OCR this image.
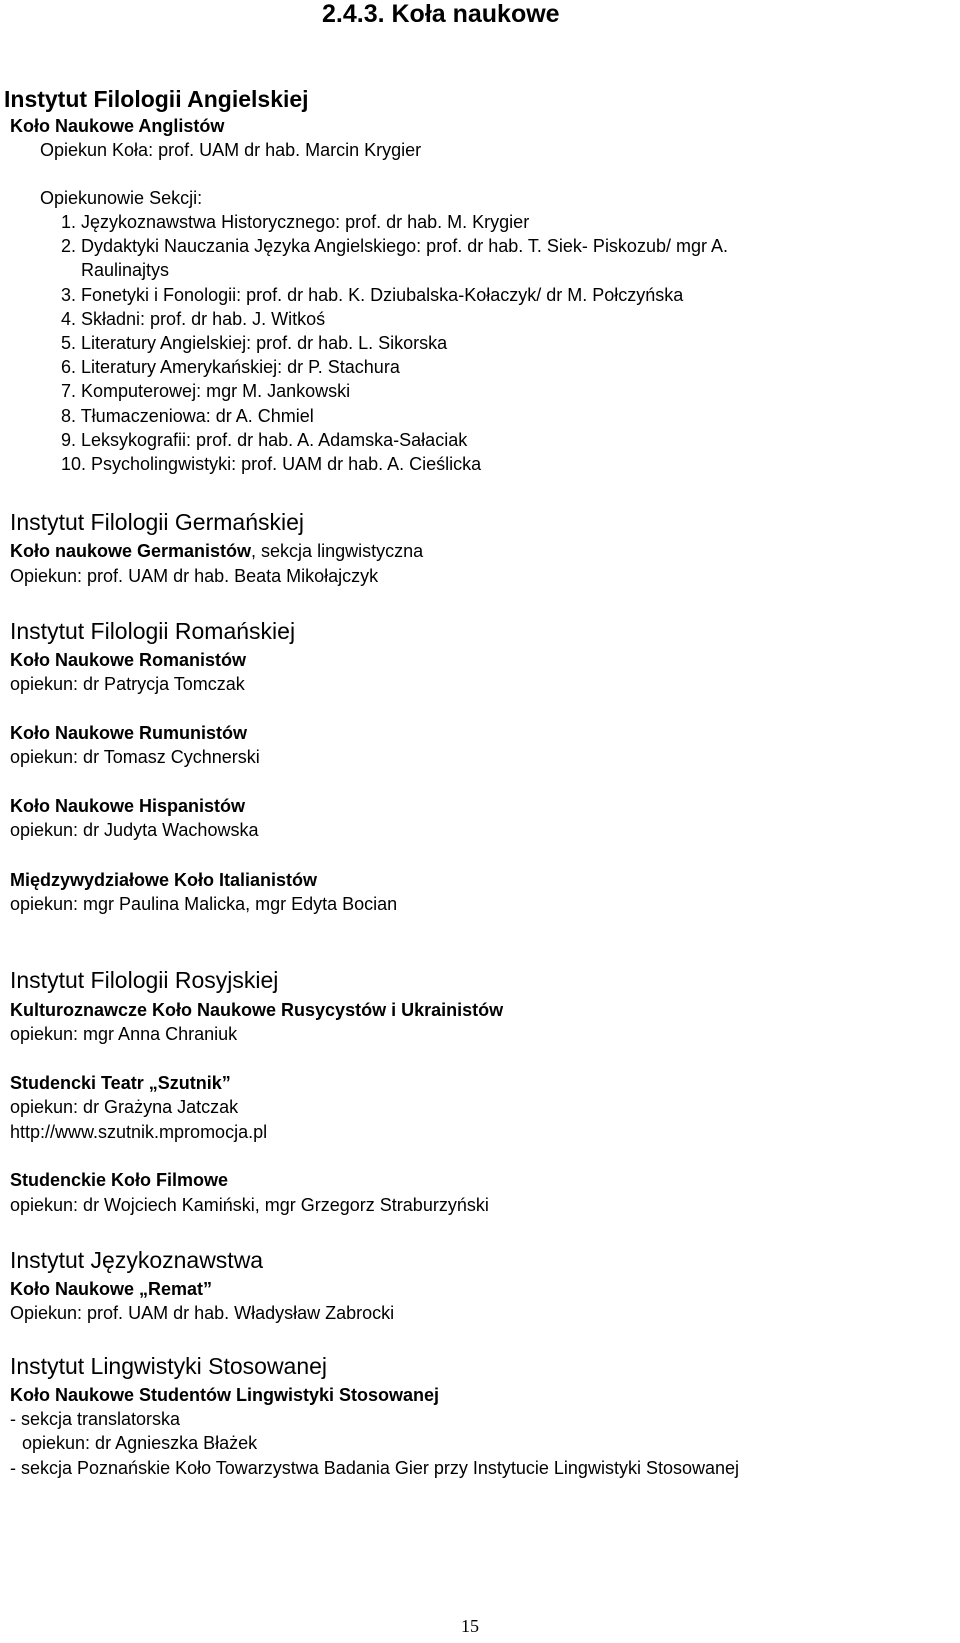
2.4.3. Koła naukowe
Instytut Filologii Angielskiej
Koło Naukowe Anglistów
Opiekun Koła: prof. UAM dr hab. Marcin Krygier
Opiekunowie Sekcji:
1. Językoznawstwa Historycznego: prof. dr hab. M. Krygier
2. Dydaktyki Nauczania Języka Angielskiego: prof. dr hab. T. Siek- Piskozub/ mgr A.
Raulinajtys
3. Fonetyki i Fonologii: prof. dr hab. K. Dziubalska-Kołaczyk/ dr M. Połczyńska
4. Składni: prof. dr hab. J. Witkoś
5. Literatury Angielskiej: prof. dr hab. L. Sikorska
6. Literatury Amerykańskiej: dr P. Stachura
7. Komputerowej: mgr M. Jankowski
8. Tłumaczeniowa: dr A. Chmiel
9. Leksykografii: prof. dr hab. A. Adamska-Sałaciak
10. Psycholingwistyki: prof. UAM dr hab. A. Cieślicka
Instytut Filologii Germańskiej
Koło naukowe Germanistów, sekcja lingwistyczna
Opiekun: prof. UAM dr hab. Beata Mikołajczyk
Instytut Filologii Romańskiej
Koło Naukowe Romanistów
opiekun: dr Patrycja Tomczak
Koło Naukowe Rumunistów
opiekun: dr Tomasz Cychnerski
Koło Naukowe Hispanistów
opiekun: dr Judyta Wachowska
Międzywydziałowe Koło Italianistów
opiekun: mgr Paulina Malicka, mgr Edyta Bocian
Instytut Filologii Rosyjskiej
Kulturoznawcze Koło Naukowe Rusycystów i Ukrainistów
opiekun: mgr Anna Chraniuk
Studencki Teatr „Szutnik”
opiekun: dr Grażyna Jatczak
http://www.szutnik.mpromocja.pl
Studenckie Koło Filmowe
opiekun: dr Wojciech Kamiński, mgr Grzegorz Straburzyński
Instytut Językoznawstwa
Koło Naukowe „Remat”
Opiekun: prof. UAM dr hab. Władysław Zabrocki
Instytut Lingwistyki Stosowanej
Koło Naukowe Studentów Lingwistyki Stosowanej
- sekcja translatorska
opiekun: dr Agnieszka Błażek
- sekcja Poznańskie Koło Towarzystwa Badania Gier przy Instytucie Lingwistyki Stosowanej
15
